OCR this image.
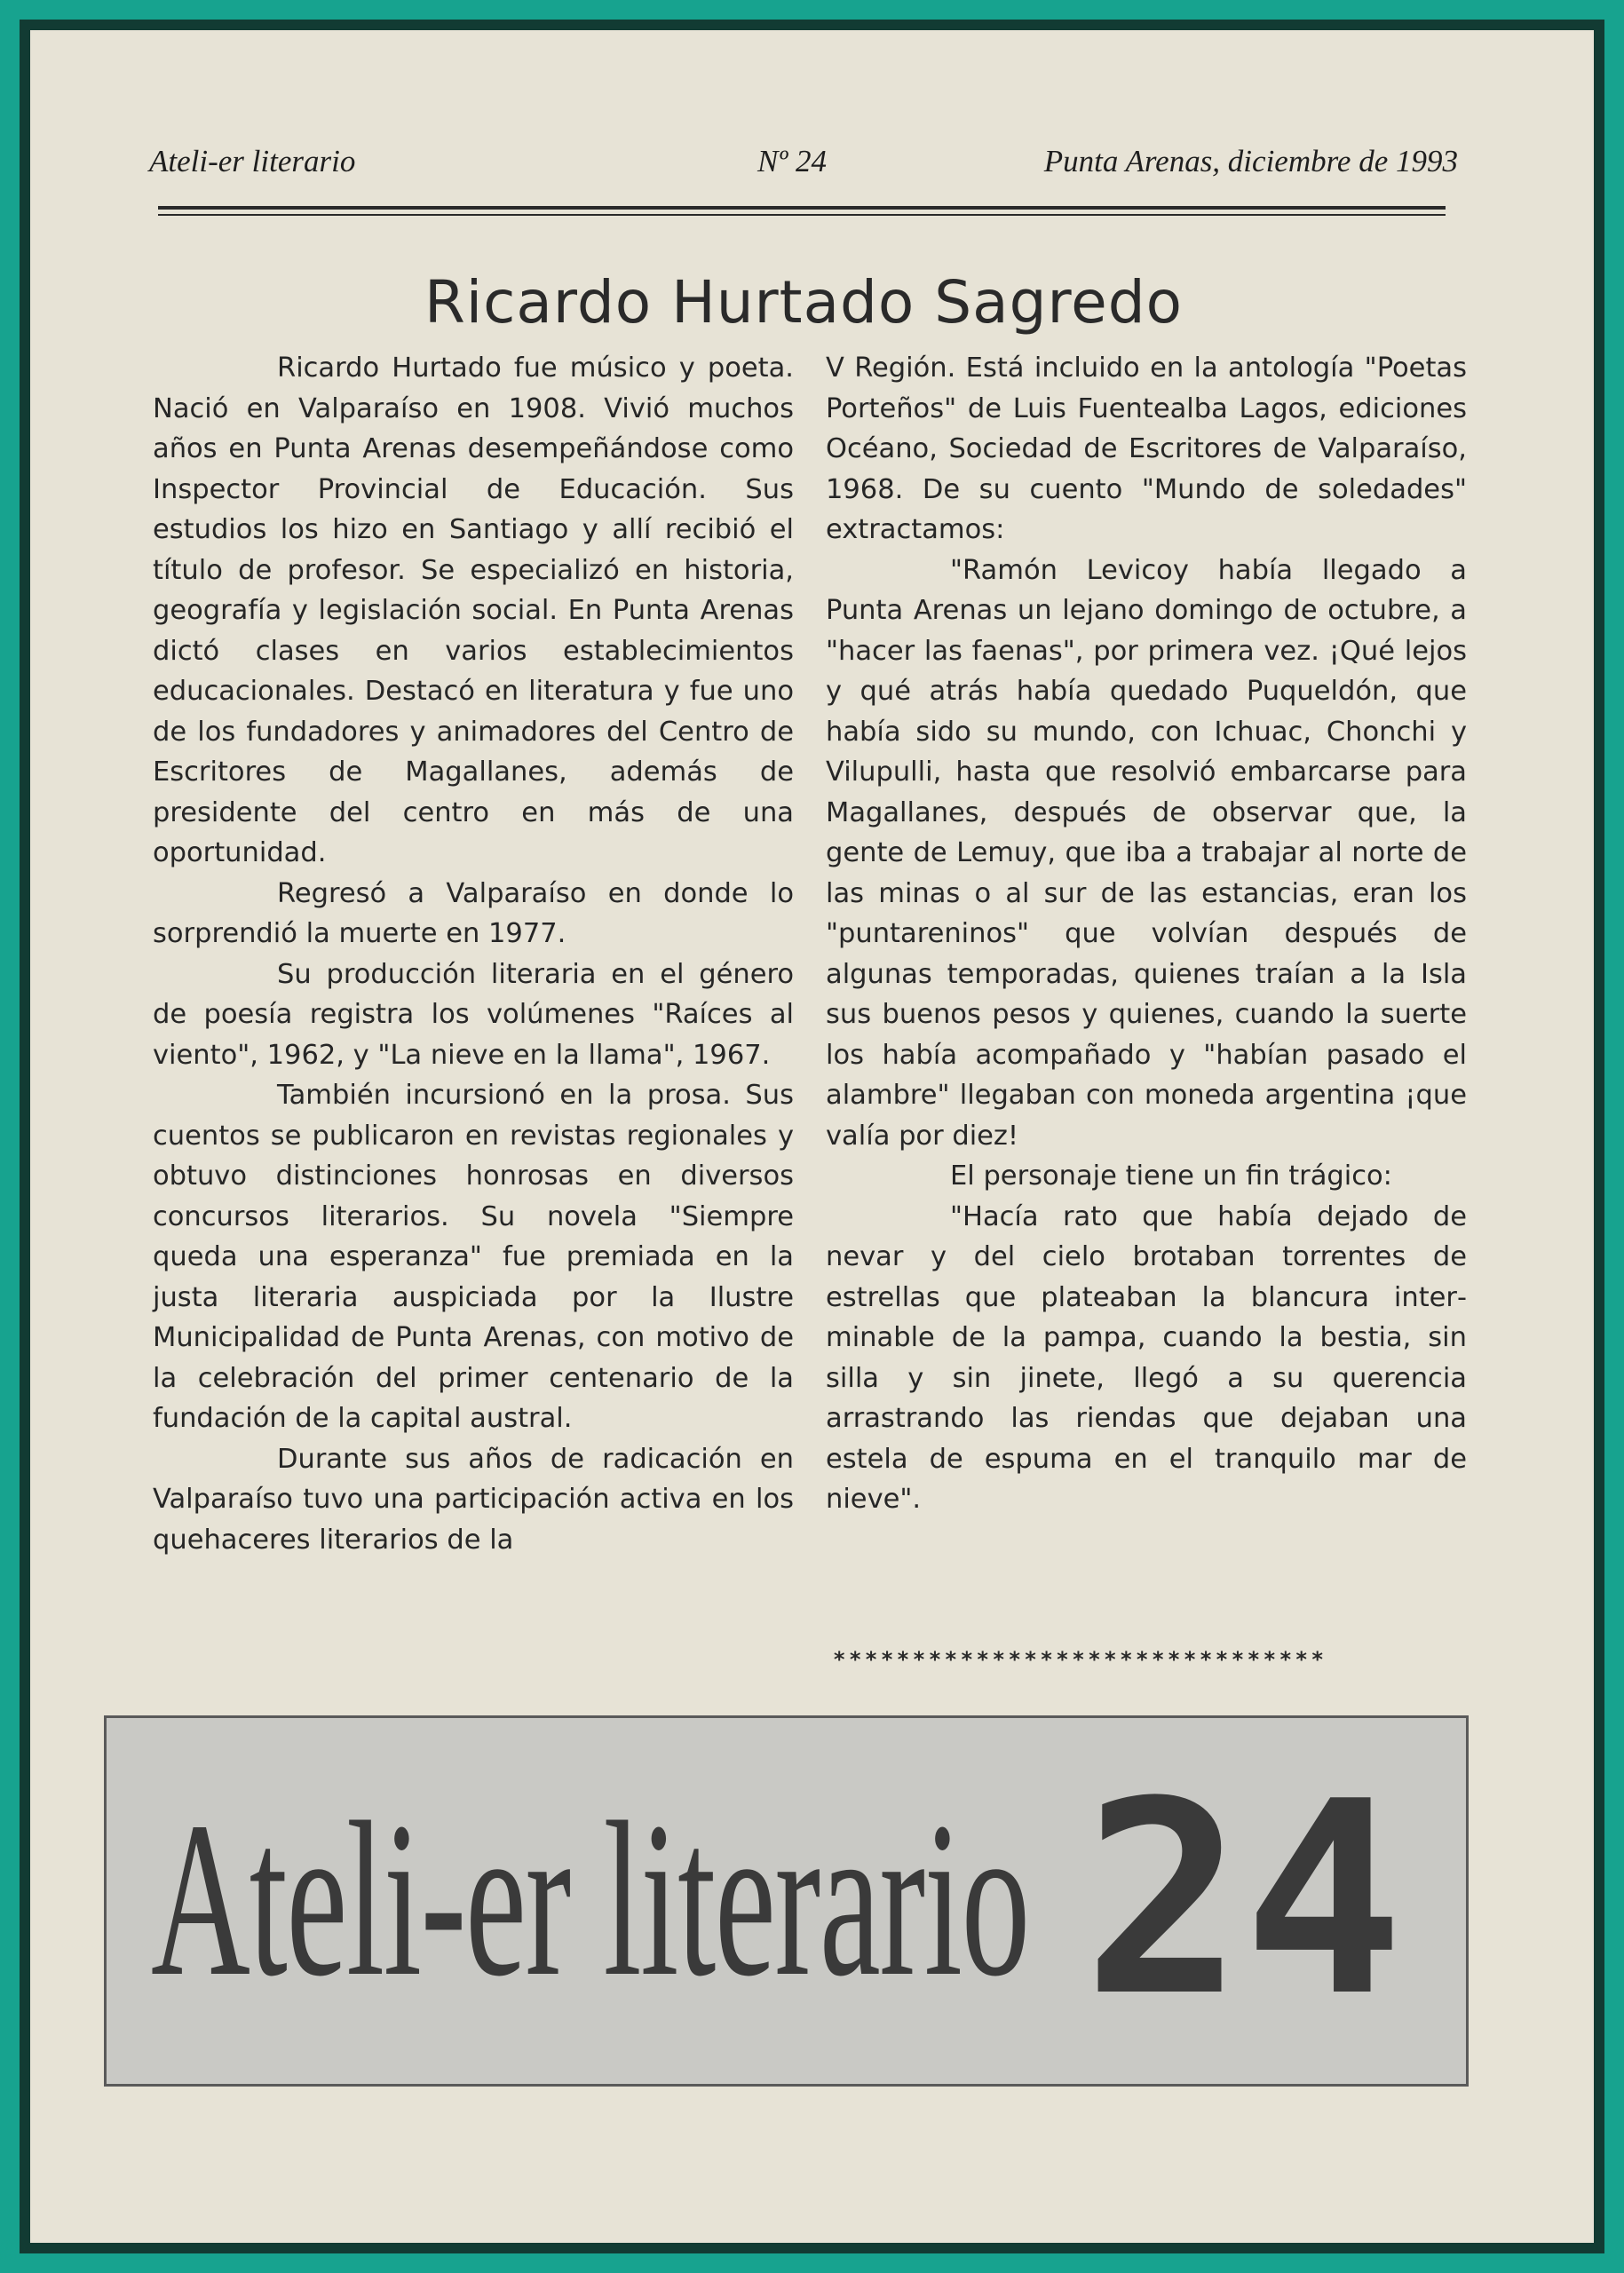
Ateli-er literario	Nº 24	Punta Arenas, diciembre de 1993
Ricardo Hurtado Sagredo

Ricardo Hurtado fue músico y poeta. Nació en Valparaíso en 1908. Vivió muchos años en Punta Arenas desempeñándose como Inspector Provincial de Educación. Sus estudios los hizo en Santiago y allí recibió el título de profesor. Se especializó en historia, geografía y legislación social. En Punta Arenas dictó clases en varios establecimientos educacionales. Destacó en literatura y fue uno de los fundadores y animadores del Centro de Escritores de Magallanes, además de presidente del centro en más de una oportunidad.

Regresó a Valparaíso en donde lo sorprendió la muerte en 1977.

Su producción literaria en el género de poesía registra los volúmenes "Raíces al viento", 1962, y "La nieve en la llama", 1967.

También incursionó en la prosa. Sus cuentos se publicaron en revistas regionales y obtuvo distinciones honrosas en diversos concursos literarios. Su novela "Siempre queda una esperanza" fue premiada en la justa literaria auspiciada por la Ilustre Municipalidad de Punta Arenas, con motivo de la celebración del primer centenario de la fundación de la capital austral.

Durante sus años de radicación en Valparaíso tuvo una participación activa en los quehaceres literarios de la

V Región. Está incluido en la antología "Poetas Porteños" de Luis Fuentealba Lagos, ediciones Océano, Sociedad de Escritores de Valparaíso, 1968. De su cuento "Mundo de soledades" extractamos:

"Ramón Levicoy había llegado a Punta Arenas un lejano domingo de octubre, a "hacer las faenas", por primera vez. ¡Qué lejos y qué atrás había quedado Puqueldón, que había sido su mundo, con Ichuac, Chonchi y Vilupulli, hasta que resolvió embarcarse para Magallanes, después de observar que, la gente de Lemuy, que iba a trabajar al norte de las minas o al sur de las estancias, eran los "puntareninos" que volvían después de algunas temporadas, quienes traían a la Isla sus buenos pesos y quienes, cuando la suerte los había acompañado y "habían pasado el alambre" llegaban con moneda argentina ¡que valía por diez!

El personaje tiene un fin trágico:

"Hacía rato que había dejado de nevar y del cielo brotaban torrentes de estrellas que plateaban la blancura interminable de la pampa, cuando la bestia, sin silla y sin jinete, llegó a su querencia arrastrando las riendas que dejaban una estela de espuma en el tranquilo mar de nieve".

*******************************
Ateli-er literario 24
